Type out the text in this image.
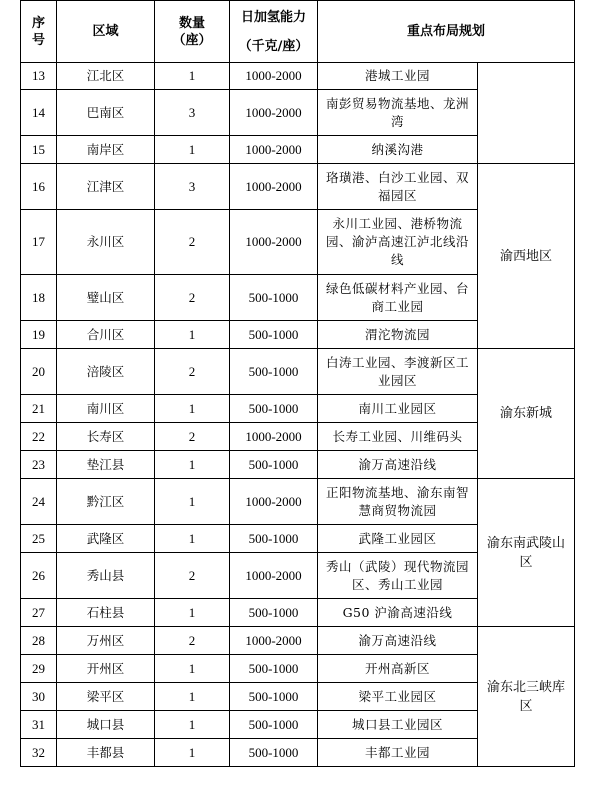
序号	区域	数量（座）	日加氢能力
（千克/座）	重点布局规划	
13	江北区	1	1000-2000	港城工业园	
14	巴南区	3	1000-2000	南彭贸易物流基地、龙洲湾	
15	南岸区	1	1000-2000	纳溪沟港	
16	江津区	3	1000-2000	珞璜港、白沙工业园、双福园区	渝西地区
17	永川区	2	1000-2000	永川工业园、港桥物流园、渝泸高速江泸北线沿线	
18	璧山区	2	500-1000	绿色低碳材料产业园、台商工业园	
19	合川区	1	500-1000	渭沱物流园	
20	涪陵区	2	500-1000	白涛工业园、李渡新区工业园区	渝东新城
21	南川区	1	500-1000	南川工业园区	
22	长寿区	2	1000-2000	长寿工业园、川维码头	
23	垫江县	1	500-1000	渝万高速沿线	
24	黔江区	1	1000-2000	正阳物流基地、渝东南智慧商贸物流园	渝东南武陵山区
25	武隆区	1	500-1000	武隆工业园区	
26	秀山县	2	1000-2000	秀山（武陵）现代物流园区、秀山工业园	
27	石柱县	1	500-1000	G50 沪渝高速沿线	
28	万州区	2	1000-2000	渝万高速沿线	渝东北三峡库区
29	开州区	1	500-1000	开州高新区	
30	梁平区	1	500-1000	梁平工业园区	
31	城口县	1	500-1000	城口县工业园区	
32	丰都县	1	500-1000	丰都工业园	
